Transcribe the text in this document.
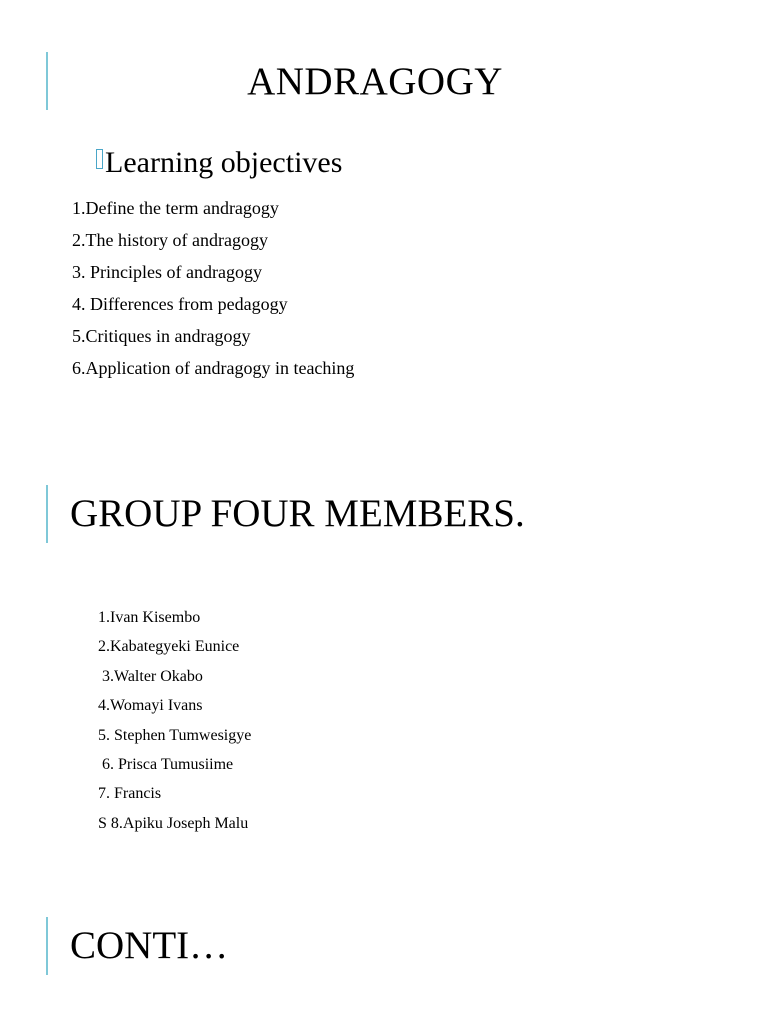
ANDRAGOGY
Learning objectives
1.Define the term andragogy
2.The history of andragogy
3. Principles of andragogy
4. Differences from pedagogy
5.Critiques in andragogy
6.Application of andragogy in teaching
GROUP FOUR MEMBERS.
1.Ivan Kisembo
2.Kabategyeki Eunice
3.Walter Okabo
4.Womayi Ivans
5. Stephen Tumwesigye
6. Prisca Tumusiime
7. Francis
S 8.Apiku Joseph Malu
CONTI…
